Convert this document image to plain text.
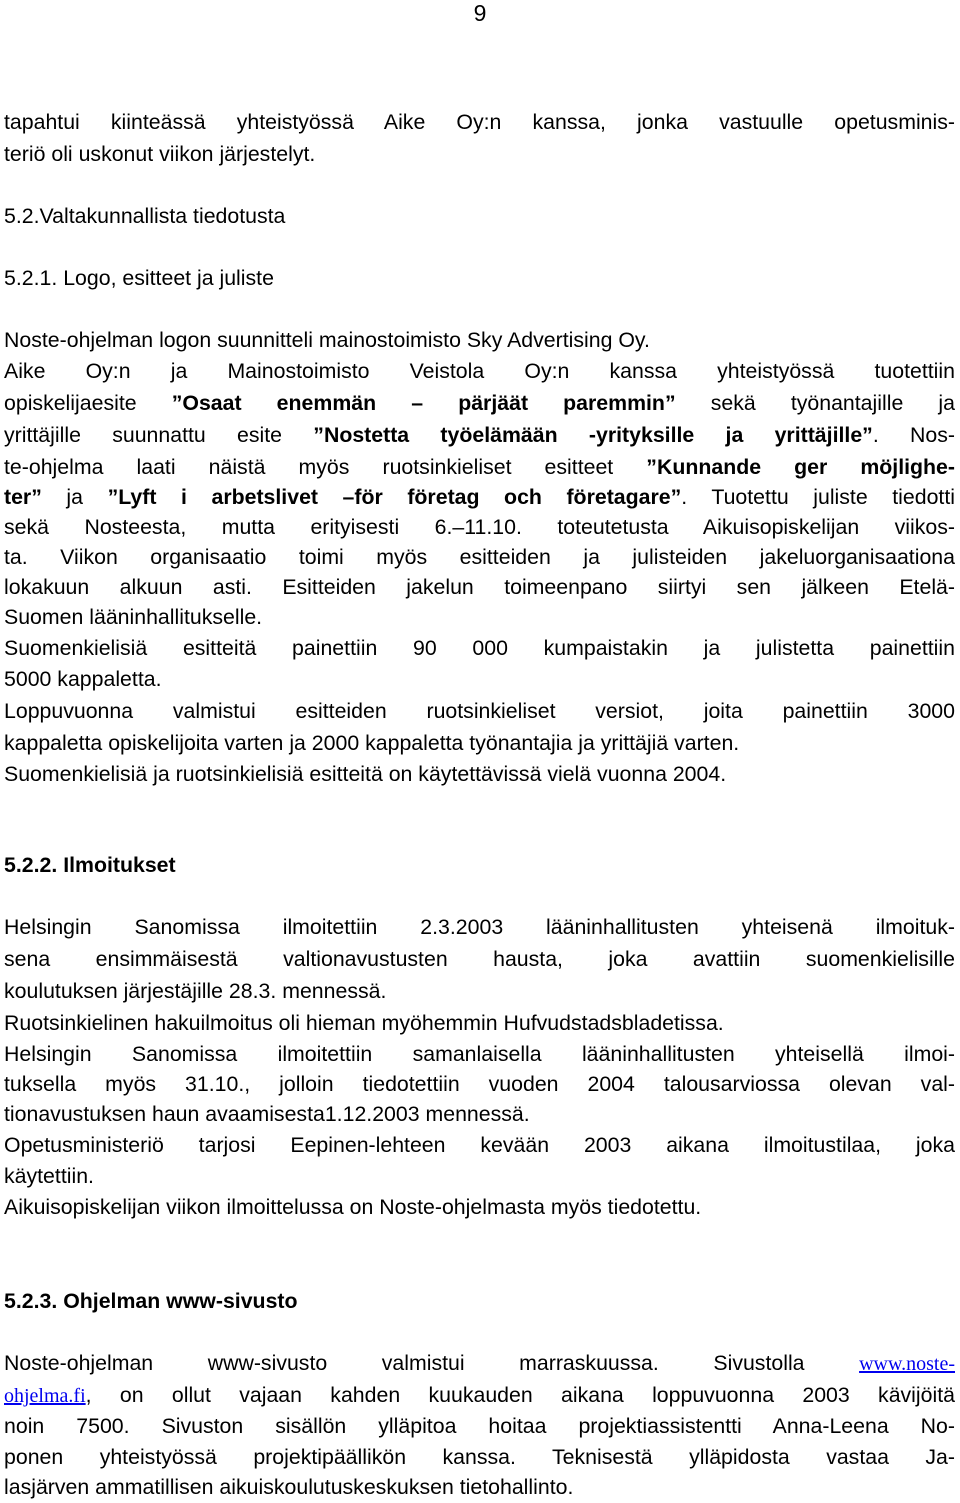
9
tapahtui kiinteässä yhteistyössä Aike Oy:n kanssa, jonka vastuulle opetusminis-
teriö oli uskonut viikon järjestelyt.
5.2.Valtakunnallista tiedotusta
5.2.1. Logo, esitteet ja juliste
Noste-ohjelman logon suunnitteli mainostoimisto Sky Advertising Oy.
Aike Oy:n ja Mainostoimisto Veistola Oy:n kanssa yhteistyössä tuotettiin
opiskelijaesite ”Osaat enemmän – pärjäät paremmin” sekä työnantajille ja
yrittäjille suunnattu esite ”Nostetta työelämään -yrityksille ja yrittäjille”. Nos-
te-ohjelma laati näistä myös ruotsinkieliset esitteet ”Kunnande ger möjlighe-
ter” ja ”Lyft i arbetslivet –för företag och företagare”. Tuotettu juliste tiedotti
sekä Nosteesta, mutta erityisesti 6.–11.10. toteutetusta Aikuisopiskelijan viikos-
ta. Viikon organisaatio toimi myös esitteiden ja julisteiden jakeluorganisaationa
lokakuun alkuun asti. Esitteiden jakelun toimeenpano siirtyi sen jälkeen Etelä-
Suomen lääninhallitukselle.
Suomenkielisiä esitteitä painettiin 90 000 kumpaistakin ja julistetta painettiin
5000 kappaletta.
Loppuvuonna valmistui esitteiden ruotsinkieliset versiot, joita painettiin 3000
kappaletta opiskelijoita varten ja 2000 kappaletta työnantajia ja yrittäjiä varten.
Suomenkielisiä ja ruotsinkielisiä esitteitä on käytettävissä vielä vuonna 2004.
5.2.2. Ilmoitukset
Helsingin Sanomissa ilmoitettiin 2.3.2003 lääninhallitusten yhteisenä ilmoituk-
sena ensimmäisestä valtionavustusten hausta, joka avattiin suomenkielisille
koulutuksen järjestäjille 28.3. mennessä.
Ruotsinkielinen hakuilmoitus oli hieman myöhemmin Hufvudstadsbladetissa.
Helsingin Sanomissa ilmoitettiin samanlaisella lääninhallitusten yhteisellä ilmoi-
tuksella myös 31.10., jolloin tiedotettiin vuoden 2004 talousarviossa olevan val-
tionavustuksen haun avaamisesta1.12.2003 mennessä.
Opetusministeriö tarjosi Eepinen-lehteen kevään 2003 aikana ilmoitustilaa, joka
käytettiin.
Aikuisopiskelijan viikon ilmoittelussa on Noste-ohjelmasta myös tiedotettu.
5.2.3. Ohjelman www-sivusto
Noste-ohjelman www-sivusto valmistui marraskuussa. Sivustolla www.noste-
ohjelma.fi, on ollut vajaan kahden kuukauden aikana loppuvuonna 2003 kävijöitä
noin 7500. Sivuston sisällön ylläpitoa hoitaa projektiassistentti Anna-Leena No-
ponen yhteistyössä projektipäällikön kanssa. Teknisestä ylläpidosta vastaa Ja-
lasjärven ammatillisen aikuiskoulutuskeskuksen tietohallinto.
